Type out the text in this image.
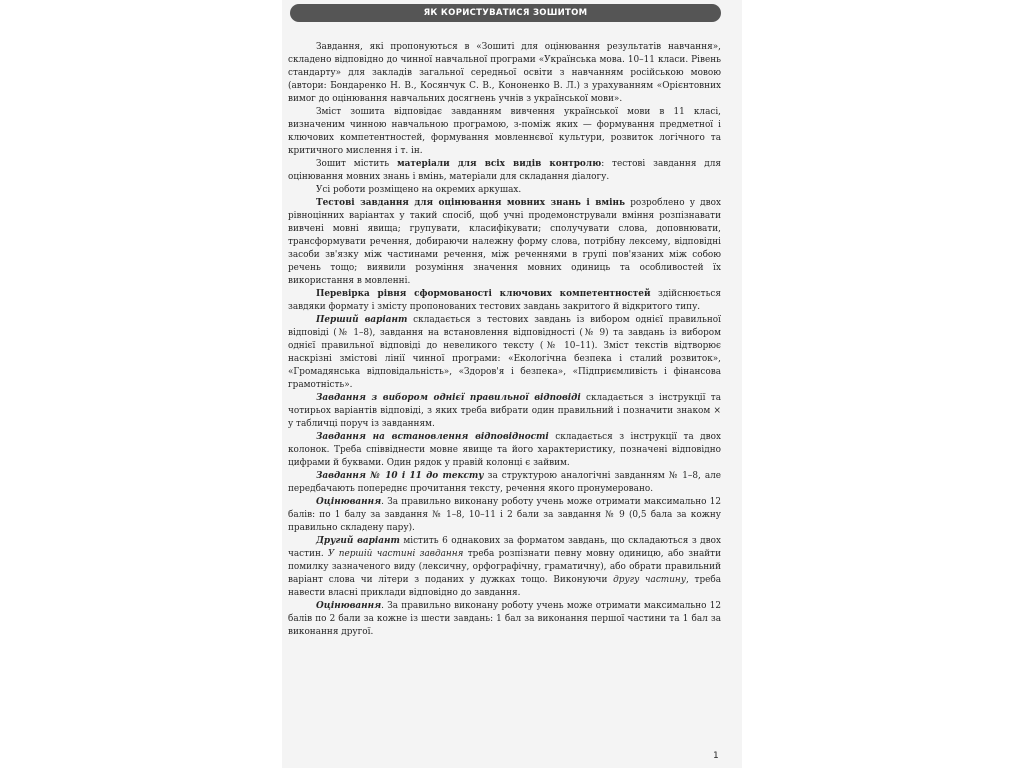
ЯК КОРИСТУВАТИСЯ ЗОШИТОМ

Завдання, які пропонуються в «Зошиті для оцінювання результатів навчання», складено відповідно до чинної навчальної програми «Українська мова. 10–11 класи. Рівень стандарту» для закладів загальної середньої освіти з навчанням російською мовою (автори: Бондаренко Н. В., Косянчук С. В., Кононенко В. Л.) з урахуванням «Орієнтовних вимог до оцінювання навчальних досягнень учнів з української мови».

Зміст зошита відповідає завданням вивчення української мови в 11 класі, визначеним чинною навчальною програмою, з-поміж яких — формування предметної і ключових компетентностей, формування мовленнєвої культури, розвиток логічного та критичного мислення і т. ін.

Зошит містить матеріали для всіх видів контролю: тестові завдання для оцінювання мовних знань і вмінь, матеріали для складання діалогу.

Усі роботи розміщено на окремих аркушах.

Тестові завдання для оцінювання мовних знань і вмінь розроблено у двох рівноцінних варіантах у такий спосіб, щоб учні продемонстрували вміння розпізнавати вивчені мовні явища; групувати, класифікувати; сполучувати слова, доповнювати, трансформувати речення, добираючи належну форму слова, потрібну лексему, відповідні засоби зв'язку між частинами речення, між реченнями в групі пов'язаних між собою речень тощо; виявили розуміння значення мовних одиниць та особливостей їх використання в мовленні.

Перевірка рівня сформованості ключових компетентностей здійснюється завдяки формату і змісту пропонованих тестових завдань закритого й відкритого типу.

Перший варіант складається з тестових завдань із вибором однієї правильної відповіді (№ 1–8), завдання на встановлення відповідності (№ 9) та завдань із вибором однієї правильної відповіді до невеликого тексту (№ 10–11). Зміст текстів відтворює наскрізні змістові лінії чинної програми: «Екологічна безпека і сталий розвиток», «Громадянська відповідальність», «Здоров'я і безпека», «Підприємливість і фінансова грамотність».

Завдання з вибором однієї правильної відповіді складається з інструкції та чотирьох варіантів відповіді, з яких треба вибрати один правильний і позначити знаком × у табличці поруч із завданням.

Завдання на встановлення відповідності складається з інструкції та двох колонок. Треба співвіднести мовне явище та його характеристику, позначені відповідно цифрами й буквами. Один рядок у правій колонці є зайвим.

Завдання № 10 і 11 до тексту за структурою аналогічні завданням № 1–8, але передбачають попереднє прочитання тексту, речення якого пронумеровано.

Оцінювання. За правильно виконану роботу учень може отримати максимально 12 балів: по 1 балу за завдання № 1–8, 10–11 і 2 бали за завдання № 9 (0,5 бала за кожну правильно складену пару).

Другий варіант містить 6 однакових за форматом завдань, що складаються з двох частин. У першій частині завдання треба розпізнати певну мовну одиницю, або знайти помилку зазначеного виду (лексичну, орфографічну, граматичну), або обрати правильний варіант слова чи літери з поданих у дужках тощо. Виконуючи другу частину, треба навести власні приклади відповідно до завдання.

Оцінювання. За правильно виконану роботу учень може отримати максимально 12 балів по 2 бали за кожне із шести завдань: 1 бал за виконання першої частини та 1 бал за виконання другої.

1
